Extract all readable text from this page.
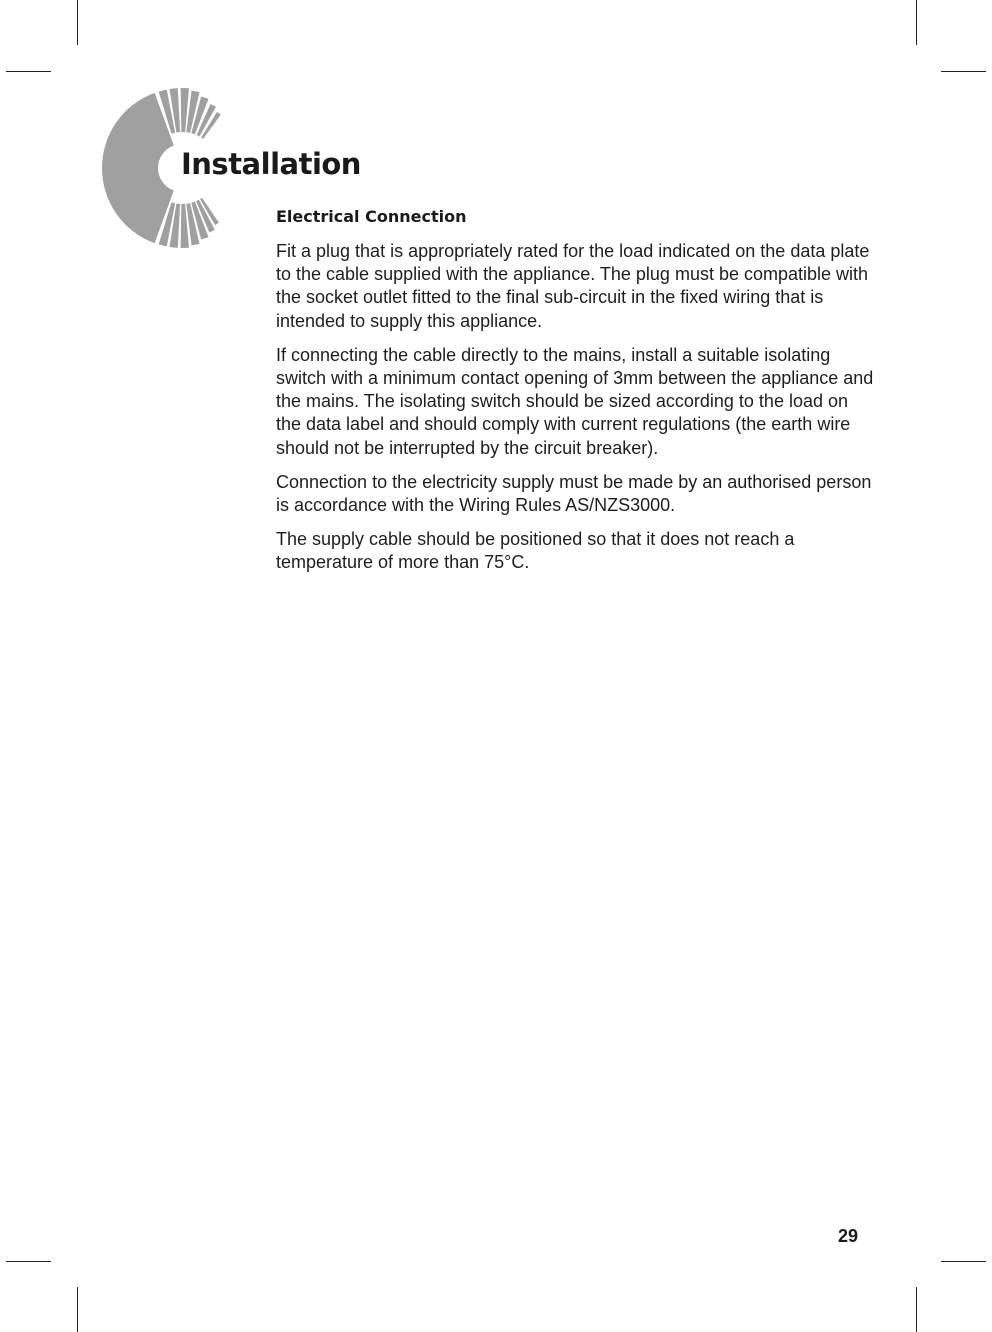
Installation
Electrical Connection

Fit a plug that is appropriately rated for the load indicated on the data plate to the cable supplied with the appliance. The plug must be compatible with the socket outlet fitted to the final sub-circuit in the fixed wiring that is intended to supply this appliance.

If connecting the cable directly to the mains, install a suitable isolating switch with a minimum contact opening of 3mm between the appliance and the mains. The isolating switch should be sized according to the load on the data label and should comply with current regulations (the earth wire should not be interrupted by the circuit breaker).

Connection to the electricity supply must be made by an authorised person is accordance with the Wiring Rules AS/NZS3000.

The supply cable should be positioned so that it does not reach a temperature of more than 75°C.

29
